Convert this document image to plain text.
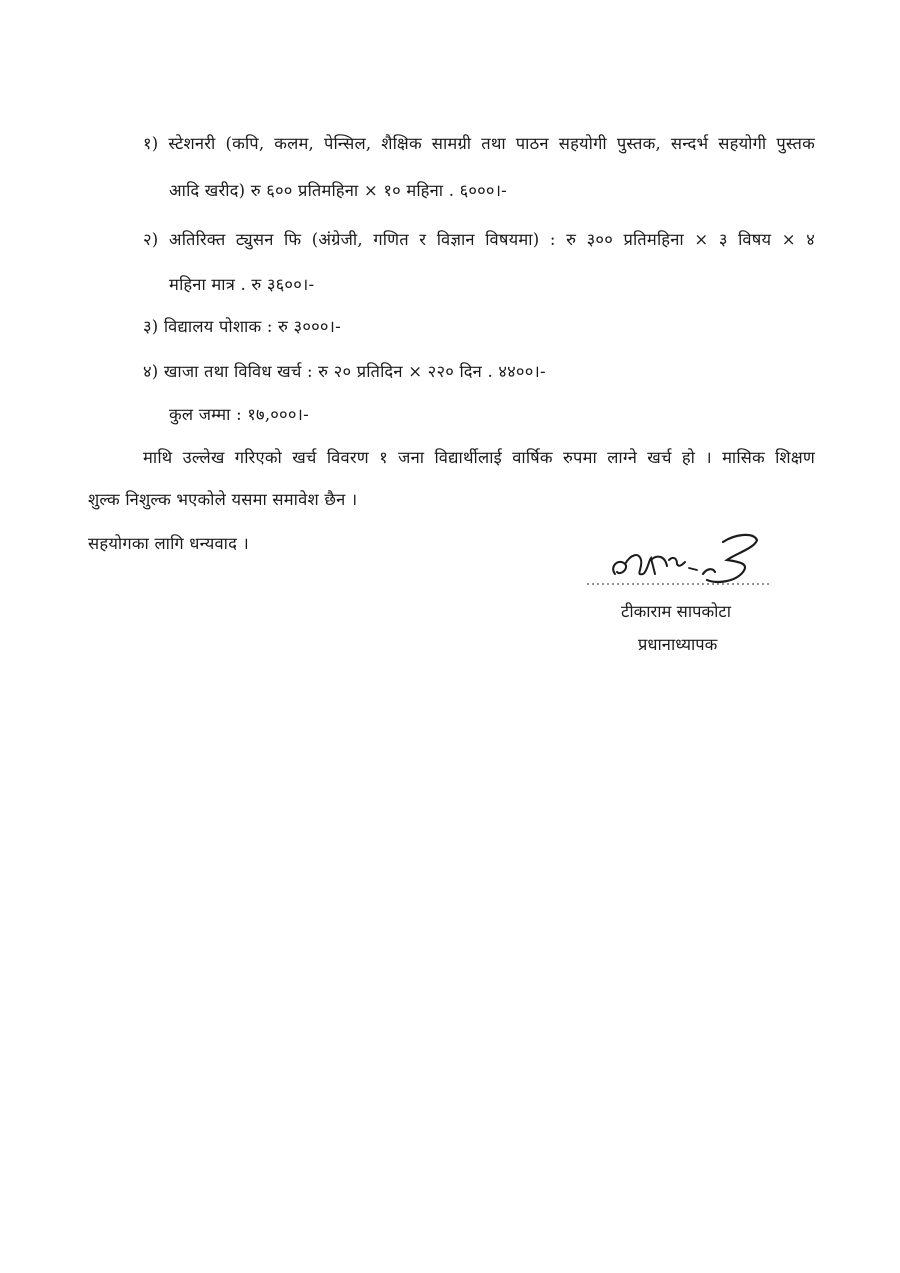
१) स्टेशनरी (कपि, कलम, पेन्सिल, शैक्षिक सामग्री तथा पाठन सहयोगी पुस्तक, सन्दर्भ सहयोगी पुस्तक
आदि खरीद) रु ६०० प्रतिमहिना × १० महिना . ६०००।-
२) अतिरिक्त ट्युसन फि (अंग्रेजी, गणित र विज्ञान विषयमा) : रु ३०० प्रतिमहिना × ३ विषय × ४
महिना मात्र . रु ३६००।-
३) विद्यालय पोशाक : रु ३०००।-
४) खाजा तथा विविध खर्च : रु २० प्रतिदिन × २२० दिन . ४४००।-
कुल जम्मा : १७,०००।-
माथि उल्लेख गरिएको खर्च विवरण १ जना विद्यार्थीलाई वार्षिक रुपमा लाग्ने खर्च हो । मासिक शिक्षण
शुल्क निशुल्क भएकोले यसमा समावेश छैन ।
सहयोगका लागि धन्यवाद ।
टीकाराम सापकोटा
प्रधानाध्यापक
